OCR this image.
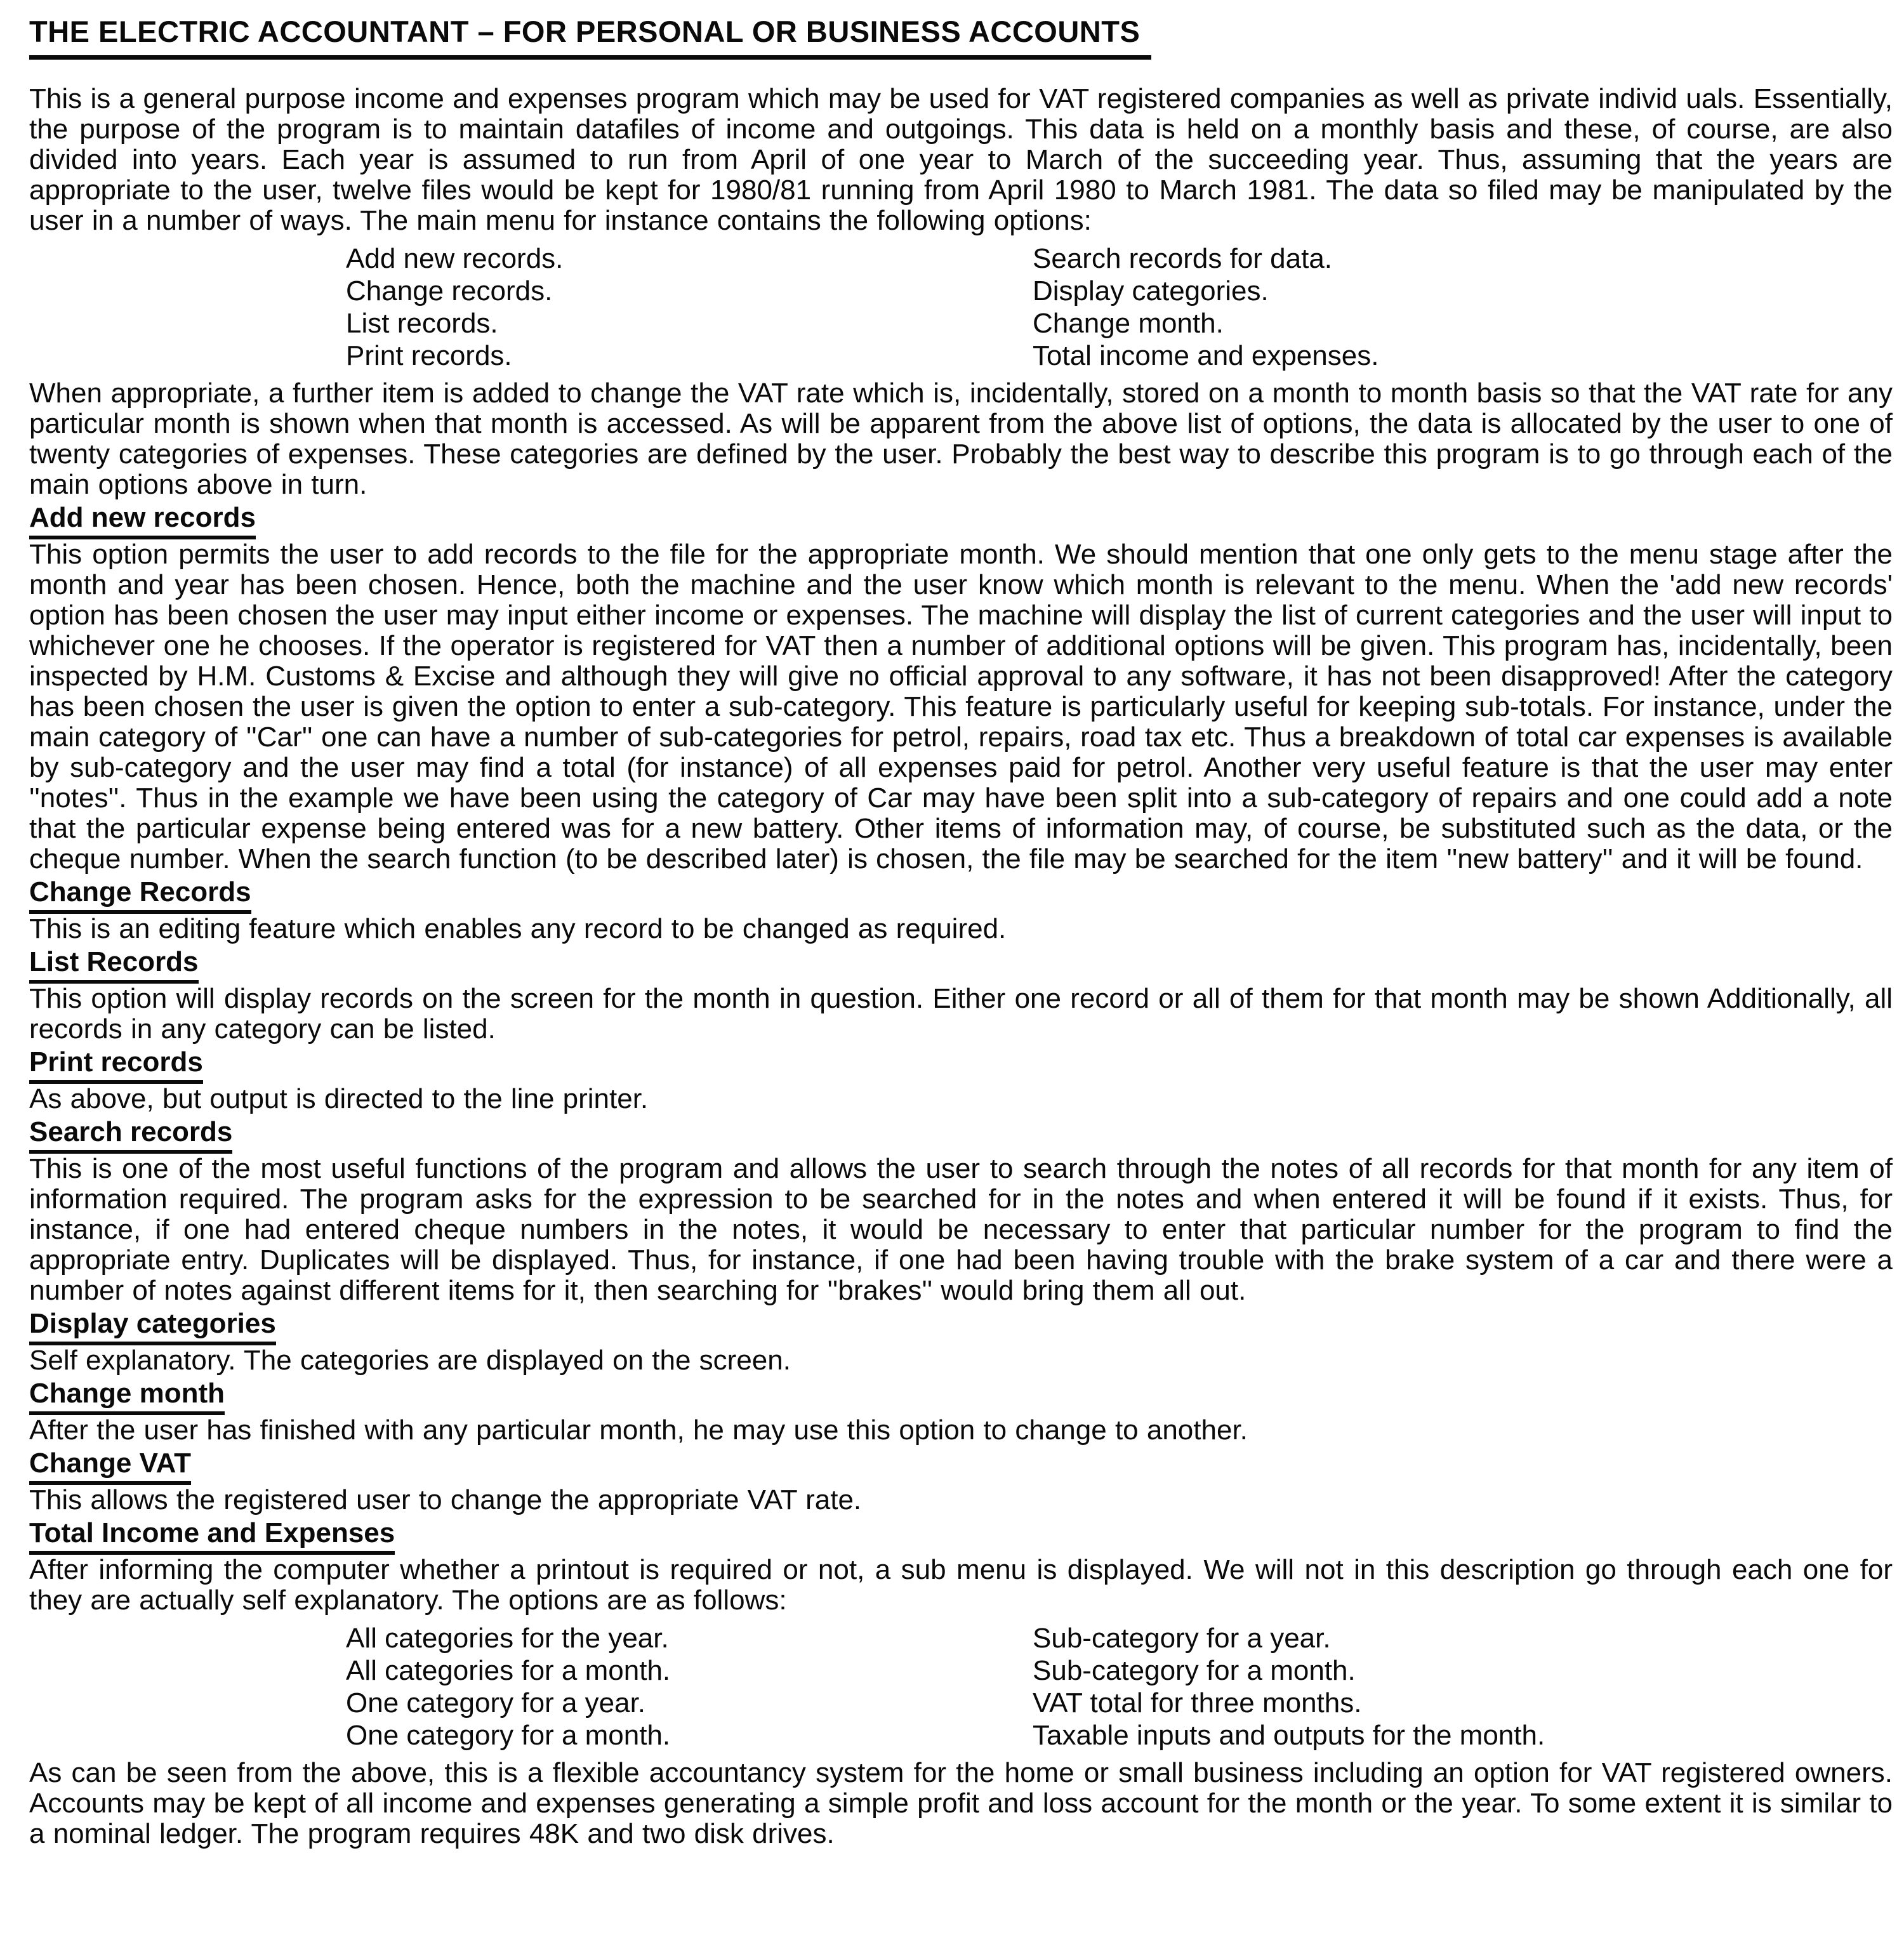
THE ELECTRIC ACCOUNTANT – FOR PERSONAL OR BUSINESS ACCOUNTS

This is a general purpose income and expenses program which may be used for VAT registered companies as well as private individ uals. Essentially, the purpose of the program is to maintain datafiles of income and outgoings. This data is held on a monthly basis and these, of course, are also divided into years. Each year is assumed to run from April of one year to March of the succeeding year. Thus, assuming that the years are appropriate to the user, twelve files would be kept for 1980/81 running from April 1980 to March 1981. The data so filed may be manipulated by the user in a number of ways. The main menu for instance contains the following options:

Add new records.	Search records for data.
Change records.	Display categories.
List records.	Change month.
Print records.	Total income and expenses.

When appropriate, a further item is added to change the VAT rate which is, incidentally, stored on a month to month basis so that the VAT rate for any particular month is shown when that month is accessed. As will be apparent from the above list of options, the data is allocated by the user to one of twenty categories of expenses. These categories are defined by the user. Probably the best way to describe this program is to go through each of the main options above in turn.

Add new records

This option permits the user to add records to the file for the appropriate month. We should mention that one only gets to the menu stage after the month and year has been chosen. Hence, both the machine and the user know which month is relevant to the menu. When the 'add new records' option has been chosen the user may input either income or expenses. The machine will display the list of current categories and the user will input to whichever one he chooses. If the operator is registered for VAT then a number of additional options will be given. This program has, incidentally, been inspected by H.M. Customs & Excise and although they will give no official approval to any software, it has not been disapproved! After the category has been chosen the user is given the option to enter a sub-category. This feature is particularly useful for keeping sub-totals. For instance, under the main category of ''Car'' one can have a number of sub-categories for petrol, repairs, road tax etc. Thus a breakdown of total car expenses is available by sub-category and the user may find a total (for instance) of all expenses paid for petrol. Another very useful feature is that the user may enter ''notes''. Thus in the example we have been using the category of Car may have been split into a sub-category of repairs and one could add a note that the particular expense being entered was for a new battery. Other items of information may, of course, be substituted such as the data, or the cheque number. When the search function (to be described later) is chosen, the file may be searched for the item ''new battery'' and it will be found.

Change Records

This is an editing feature which enables any record to be changed as required.

List Records

This option will display records on the screen for the month in question. Either one record or all of them for that month may be shown Additionally, all records in any category can be listed.

Print records

As above, but output is directed to the line printer.

Search records

This is one of the most useful functions of the program and allows the user to search through the notes of all records for that month for any item of information required. The program asks for the expression to be searched for in the notes and when entered it will be found if it exists. Thus, for instance, if one had entered cheque numbers in the notes, it would be necessary to enter that particular number for the program to find the appropriate entry. Duplicates will be displayed. Thus, for instance, if one had been having trouble with the brake system of a car and there were a number of notes against different items for it, then searching for ''brakes'' would bring them all out.

Display categories

Self explanatory. The categories are displayed on the screen.

Change month

After the user has finished with any particular month, he may use this option to change to another.

Change VAT

This allows the registered user to change the appropriate VAT rate.

Total Income and Expenses

After informing the computer whether a printout is required or not, a sub menu is displayed. We will not in this description go through each one for they are actually self explanatory. The options are as follows:

All categories for the year.	Sub-category for a year.
All categories for a month.	Sub-category for a month.
One category for a year.	VAT total for three months.
One category for a month.	Taxable inputs and outputs for the month.

As can be seen from the above, this is a flexible accountancy system for the home or small business including an option for VAT registered owners. Accounts may be kept of all income and expenses generating a simple profit and loss account for the month or the year. To some extent it is similar to a nominal ledger. The program requires 48K and two disk drives.
